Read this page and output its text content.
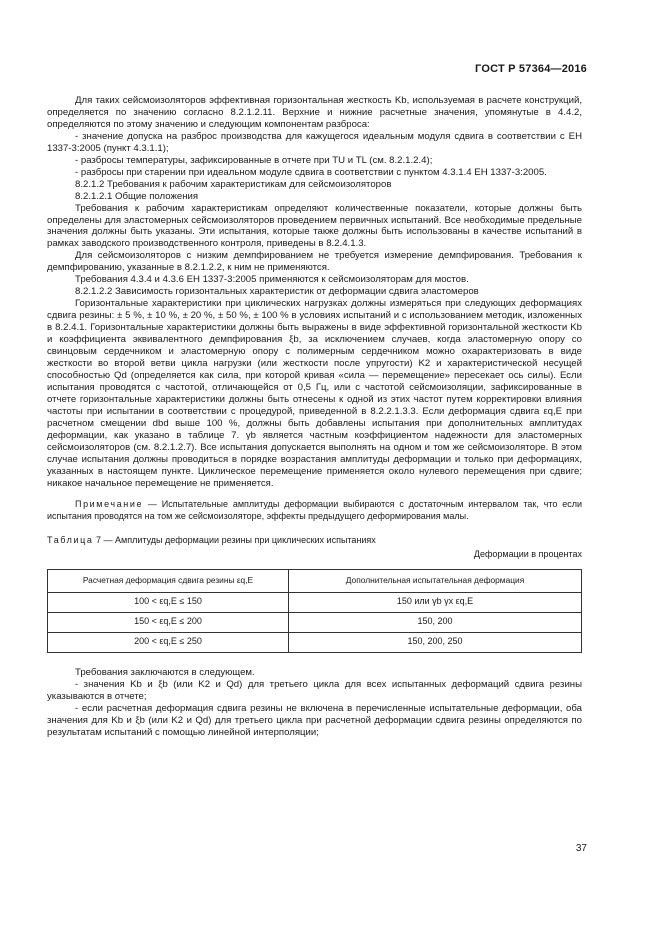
ГОСТ Р 57364—2016

Для таких сейсмоизоляторов эффективная горизонтальная жесткость Kb, используемая в расчете конструкций, определяется по значению согласно 8.2.1.2.11. Верхние и нижние расчетные значения, упомянутые в 4.4.2, определяются по этому значению и следующим компонентам разброса:

- значение допуска на разброс производства для кажущегося идеальным модуля сдвига в соответствии с ЕН 1337-3:2005 (пункт 4.3.1.1);

- разбросы температуры, зафиксированные в отчете при TU и TL (см. 8.2.1.2.4);

- разбросы при старении при идеальном модуле сдвига в соответствии с пунктом 4.3.1.4 ЕН 1337-3:2005.

8.2.1.2 Требования к рабочим характеристикам для сейсмоизоляторов

8.2.1.2.1 Общие положения

Требования к рабочим характеристикам определяют количественные показатели, которые должны быть определены для эластомерных сейсмоизоляторов проведением первичных испытаний. Все необходимые предельные значения должны быть указаны. Эти испытания, которые также должны быть использованы в качестве испытаний в рамках заводского производственного контроля, приведены в 8.2.4.1.3.

Для сейсмоизоляторов с низким демпфированием не требуется измерение демпфирования. Требования к демпфированию, указанные в 8.2.1.2.2, к ним не применяются.

Требования 4.3.4 и 4.3.6 ЕН 1337-3:2005 применяются к сейсмоизоляторам для мостов.

8.2.1.2.2 Зависимость горизонтальных характеристик от деформации сдвига эластомеров

Горизонтальные характеристики при циклических нагрузках должны измеряться при следующих деформациях сдвига резины: ± 5 %, ± 10 %, ± 20 %, ± 50 %, ± 100 % в условиях испытаний и с использованием методик, изложенных в 8.2.4.1. Горизонтальные характеристики должны быть выражены в виде эффективной горизонтальной жесткости Kb и коэффициента эквивалентного демпфирования ξb, за исключением случаев, когда эластомерную опору со свинцовым сердечником и эластомерную опору с полимерным сердечником можно охарактеризовать в виде жесткости во второй ветви цикла нагрузки (или жесткости после упругости) K2 и характеристической несущей способностью Qd (определяется как сила, при которой кривая «сила — перемещение» пересекает ось силы). Если испытания проводятся с частотой, отличающейся от 0,5 Гц, или с частотой сейсмоизоляции, зафиксированные в отчете горизонтальные характеристики должны быть отнесены к одной из этих частот путем корректировки влияния частоты при испытании в соответствии с процедурой, приведенной в 8.2.2.1.3.3. Если деформация сдвига εq,E при расчетном смещении dbd выше 100 %, должны быть добавлены испытания при дополнительных амплитудах деформации, как указано в таблице 7. γb является частным коэффициентом надежности для эластомерных сейсмоизоляторов (см. 8.2.1.2.7). Все испытания допускается выполнять на одном и том же сейсмоизоляторе. В этом случае испытания должны проводиться в порядке возрастания амплитуды деформации и только при деформациях, указанных в настоящем пункте. Циклическое перемещение применяется около нулевого перемещения при сдвиге; никакое начальное перемещение не применяется.

Примечание — Испытательные амплитуды деформации выбираются с достаточным интервалом так, что если испытания проводятся на том же сейсмоизоляторе, эффекты предыдущего деформирования малы.

Таблица 7 — Амплитуды деформации резины при циклических испытаниях

Деформации в процентах

Расчетная деформация сдвига резины εq,E	Дополнительная испытательная деформация
100 < εq,E ≤ 150	150 или γb γx εq,E
150 < εq,E ≤ 200	150, 200
200 < εq,E ≤ 250	150, 200, 250

Требования заключаются в следующем.

- значения Kb и ξb (или K2 и Qd) для третьего цикла для всех испытанных деформаций сдвига резины указываются в отчете;

- если расчетная деформация сдвига резины не включена в перечисленные испытательные деформации, оба значения для Kb и ξb (или K2 и Qd) для третьего цикла при расчетной деформации сдвига резины определяются по результатам испытаний с помощью линейной интерполяции;

37
